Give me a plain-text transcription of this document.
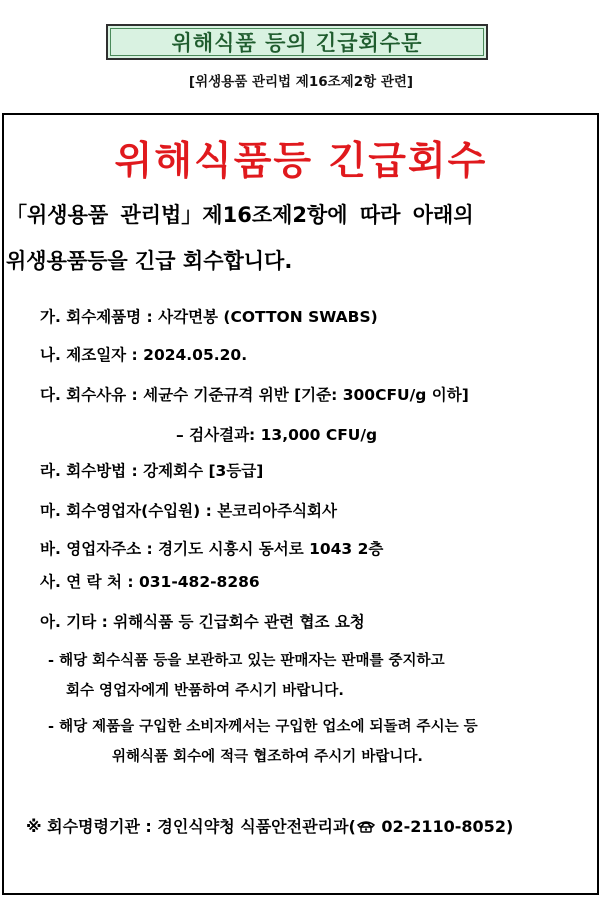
위해식품 등의 긴급회수문
[위생용품 관리법 제16조제2항 관련]
위해식품등 긴급회수
「위생용품 관리법」제16조제2항에 따라 아래의
위생용품등을 긴급 회수합니다.
가. 회수제품명 : 사각면봉 (COTTON SWABS)
나. 제조일자 : 2024.05.20.
다. 회수사유 : 세균수 기준규격 위반 [기준: 300CFU/g 이하]
– 검사결과: 13,000 CFU/g
라. 회수방법 : 강제회수 [3등급]
마. 회수영업자(수입원) : 본코리아주식회사
바. 영업자주소 : 경기도 시흥시 동서로 1043 2층
사. 연 락 처 : 031-482-8286
아. 기타 : 위해식품 등 긴급회수 관련 협조 요청
- 해당 회수식품 등을 보관하고 있는 판매자는 판매를 중지하고
회수 영업자에게 반품하여 주시기 바랍니다.
- 해당 제품을 구입한 소비자께서는 구입한 업소에 되돌려 주시는 등
위해식품 회수에 적극 협조하여 주시기 바랍니다.
※ 회수명령기관 : 경인식약청 식품안전관리과( 02-2110-8052)
